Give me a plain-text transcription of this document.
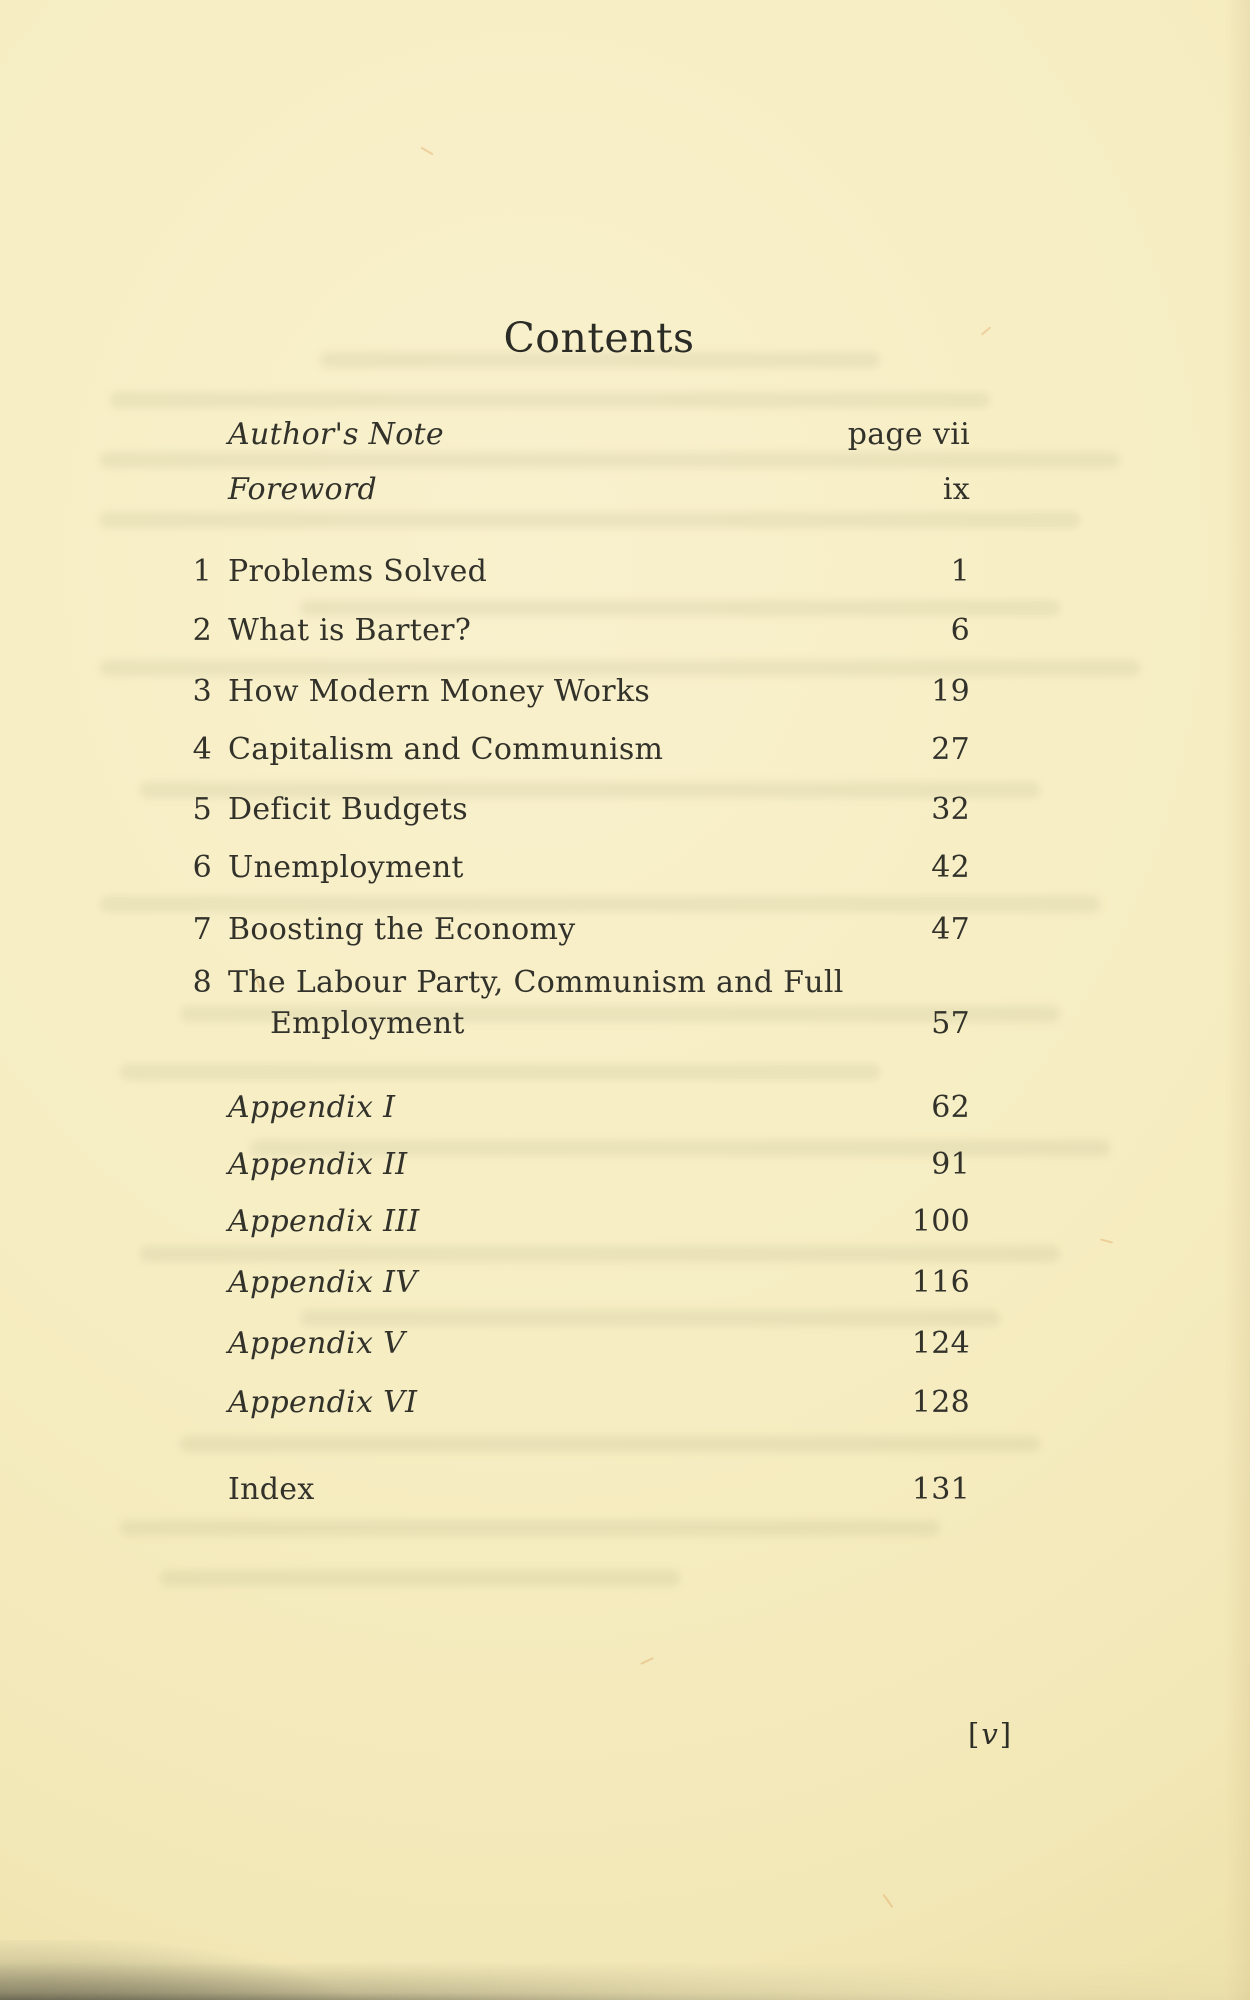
Contents
Author's Note	page vii
Foreword	ix
1 Problems Solved	1
2 What is Barter?	6
3 How Modern Money Works	19
4 Capitalism and Communism	27
5 Deficit Budgets	32
6 Unemployment	42
7 Boosting the Economy	47
8 The Labour Party, Communism and Full
Employment	57
Appendix I	62
Appendix II	91
Appendix III	100
Appendix IV	116
Appendix V	124
Appendix VI	128
Index	131
[v]
